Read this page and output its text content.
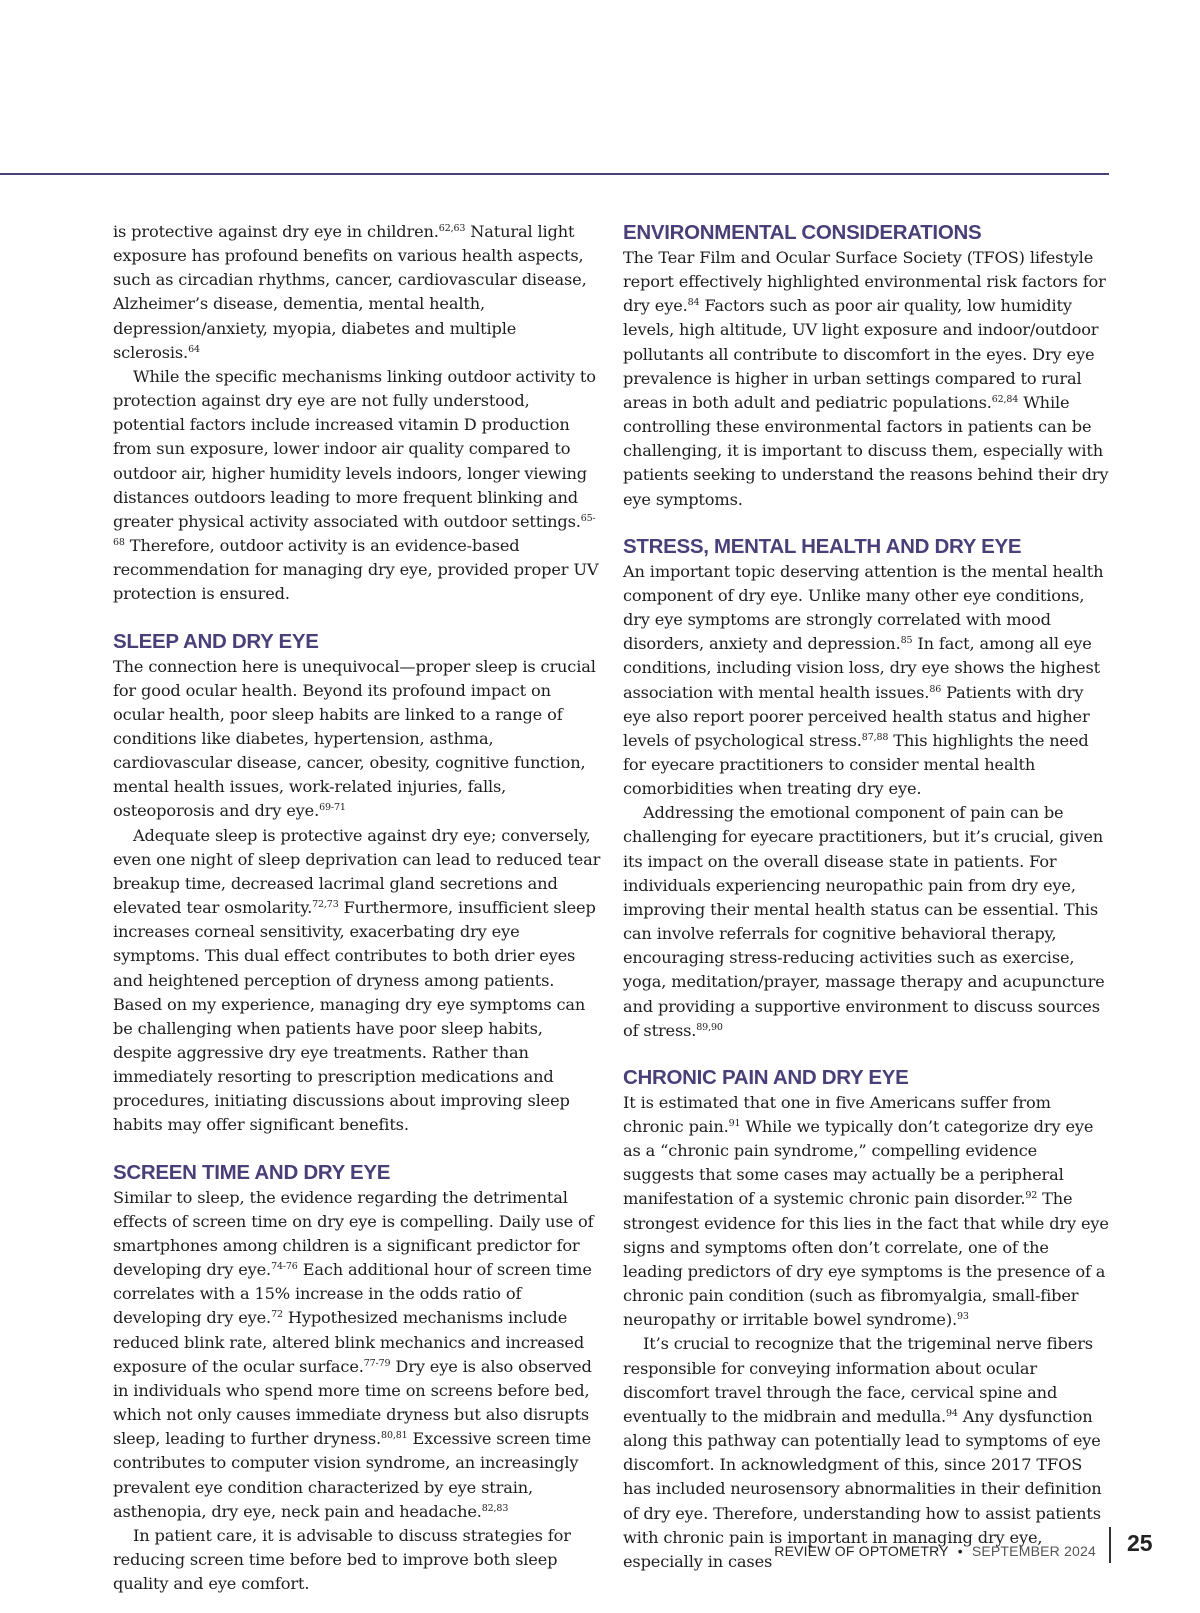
is protective against dry eye in children.$^{62,63}$ Natural light exposure has profound benefits on various health aspects, such as circadian rhythms, cancer, cardiovascular disease, Alzheimer’s disease, dementia, mental health, depression/anxiety, myopia, diabetes and multiple sclerosis.$^{64}$

While the specific mechanisms linking outdoor activity to protection against dry eye are not fully understood, potential factors include increased vitamin D production from sun exposure, lower indoor air quality compared to outdoor air, higher humidity levels indoors, longer viewing distances outdoors leading to more frequent blinking and greater physical activity associated with outdoor settings.$^{65-68}$ Therefore, outdoor activity is an evidence-based recommendation for managing dry eye, provided proper UV protection is ensured.

SLEEP AND DRY EYE

The connection here is unequivocal—proper sleep is crucial for good ocular health. Beyond its profound impact on ocular health, poor sleep habits are linked to a range of conditions like diabetes, hypertension, asthma, cardiovascular disease, cancer, obesity, cognitive function, mental health issues, work-related injuries, falls, osteoporosis and dry eye.$^{69-71}$

Adequate sleep is protective against dry eye; conversely, even one night of sleep deprivation can lead to reduced tear breakup time, decreased lacrimal gland secretions and elevated tear osmolarity.$^{72,73}$ Furthermore, insufficient sleep increases corneal sensitivity, exacerbating dry eye symptoms. This dual effect contributes to both drier eyes and heightened perception of dryness among patients. Based on my experience, managing dry eye symptoms can be challenging when patients have poor sleep habits, despite aggressive dry eye treatments. Rather than immediately resorting to prescription medications and procedures, initiating discussions about improving sleep habits may offer significant benefits.

SCREEN TIME AND DRY EYE

Similar to sleep, the evidence regarding the detrimental effects of screen time on dry eye is compelling. Daily use of smartphones among children is a significant predictor for developing dry eye.$^{74-76}$ Each additional hour of screen time correlates with a 15% increase in the odds ratio of developing dry eye.$^{72}$ Hypothesized mechanisms include reduced blink rate, altered blink mechanics and increased exposure of the ocular surface.$^{77-79}$ Dry eye is also observed in individuals who spend more time on screens before bed, which not only causes immediate dryness but also disrupts sleep, leading to further dryness.$^{80,81}$ Excessive screen time contributes to computer vision syndrome, an increasingly prevalent eye condition characterized by eye strain, asthenopia, dry eye, neck pain and headache.$^{82,83}$

In patient care, it is advisable to discuss strategies for reducing screen time before bed to improve both sleep quality and eye comfort.

ENVIRONMENTAL CONSIDERATIONS

The Tear Film and Ocular Surface Society (TFOS) lifestyle report effectively highlighted environmental risk factors for dry eye.$^{84}$ Factors such as poor air quality, low humidity levels, high altitude, UV light exposure and indoor/outdoor pollutants all contribute to discomfort in the eyes. Dry eye prevalence is higher in urban settings compared to rural areas in both adult and pediatric populations.$^{62,84}$ While controlling these environmental factors in patients can be challenging, it is important to discuss them, especially with patients seeking to understand the reasons behind their dry eye symptoms.

STRESS, MENTAL HEALTH AND DRY EYE

An important topic deserving attention is the mental health component of dry eye. Unlike many other eye conditions, dry eye symptoms are strongly correlated with mood disorders, anxiety and depression.$^{85}$ In fact, among all eye conditions, including vision loss, dry eye shows the highest association with mental health issues.$^{86}$ Patients with dry eye also report poorer perceived health status and higher levels of psychological stress.$^{87,88}$ This highlights the need for eyecare practitioners to consider mental health comorbidities when treating dry eye.

Addressing the emotional component of pain can be challenging for eyecare practitioners, but it’s crucial, given its impact on the overall disease state in patients. For individuals experiencing neuropathic pain from dry eye, improving their mental health status can be essential. This can involve referrals for cognitive behavioral therapy, encouraging stress-reducing activities such as exercise, yoga, meditation/prayer, massage therapy and acupuncture and providing a supportive environment to discuss sources of stress.$^{89,90}$

CHRONIC PAIN AND DRY EYE

It is estimated that one in five Americans suffer from chronic pain.$^{91}$ While we typically don’t categorize dry eye as a “chronic pain syndrome,” compelling evidence suggests that some cases may actually be a peripheral manifestation of a systemic chronic pain disorder.$^{92}$ The strongest evidence for this lies in the fact that while dry eye signs and symptoms often don’t correlate, one of the leading predictors of dry eye symptoms is the presence of a chronic pain condition (such as fibromyalgia, small-fiber neuropathy or irritable bowel syndrome).$^{93}$

It’s crucial to recognize that the trigeminal nerve fibers responsible for conveying information about ocular discomfort travel through the face, cervical spine and eventually to the midbrain and medulla.$^{94}$ Any dysfunction along this pathway can potentially lead to symptoms of eye discomfort. In acknowledgment of this, since 2017 TFOS has included neurosensory abnormalities in their definition of dry eye. Therefore, understanding how to assist patients with chronic pain is important in managing dry eye, especially in cases

REVIEW OF OPTOMETRY • SEPTEMBER 2024 25
